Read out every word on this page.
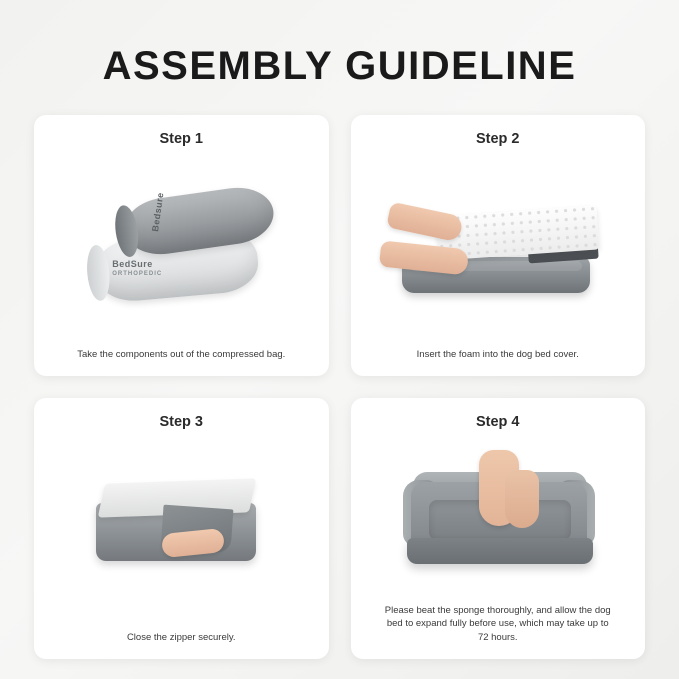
ASSEMBLY GUIDELINE
Step 1
Bedsure
BedSure
ORTHOPEDIC
Take the components out of the compressed bag.
Step 2
Insert the foam into the dog bed cover.
Step 3
Close the zipper securely.
Step 4
Please beat the sponge thoroughly, and allow the dog bed to expand fully before use, which may take up to 72 hours.
